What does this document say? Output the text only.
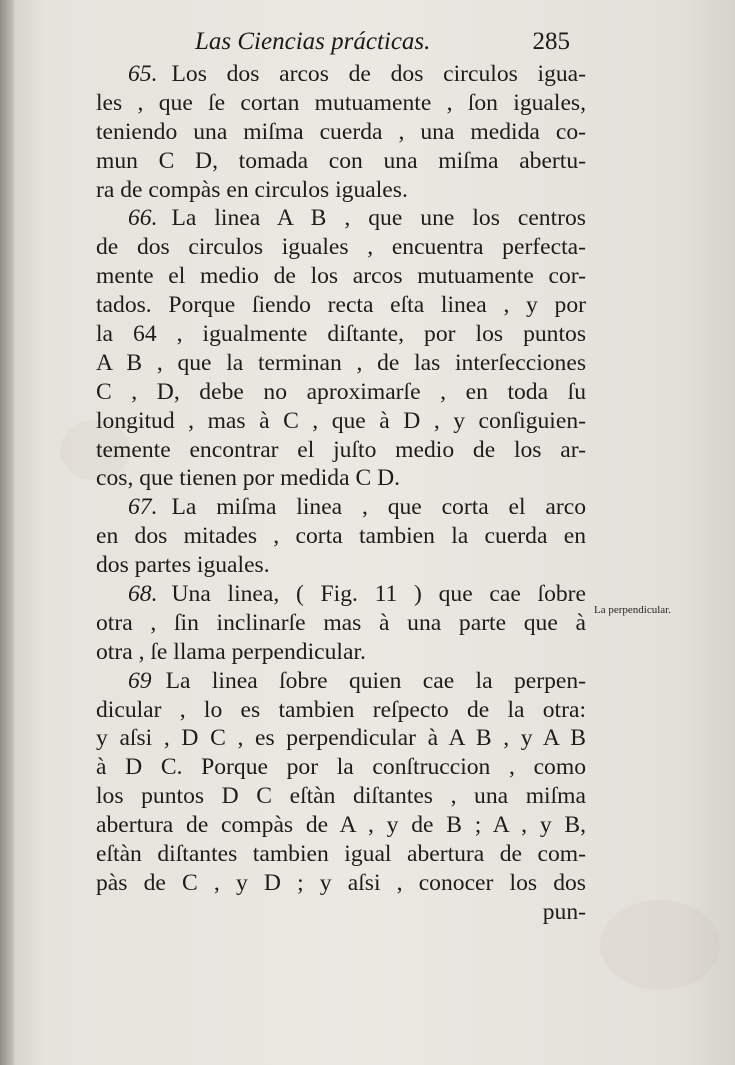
Las Ciencias prácticas.	285
65. Los dos arcos de dos circulos igua-
les , que ſe cortan mutuamente , ſon iguales,
teniendo una miſma cuerda , una medida co-
mun C D, tomada con una miſma abertu-
ra de compàs en circulos iguales.
66. La linea A B , que une los centros
de dos circulos iguales , encuentra perfecta-
mente el medio de los arcos mutuamente cor-
tados. Porque ſiendo recta eſta linea , y por
la 64 , igualmente diſtante, por los puntos
A B , que la terminan , de las interſecciones
C , D, debe no aproximarſe , en toda ſu
longitud , mas à C , que à D , y conſiguien-
temente encontrar el juſto medio de los ar-
cos, que tienen por medida C D.
67. La miſma linea , que corta el arco
en dos mitades , corta tambien la cuerda en
dos partes iguales.
68. Una linea, ( Fig. 11 ) que cae ſobre
otra , ſin inclinarſe mas à una parte que à
otra , ſe llama perpendicular.
69 La linea ſobre quien cae la perpen-
dicular , lo es tambien reſpecto de la otra:
y aſsi , D C , es perpendicular à A B , y A B
à D C. Porque por la conſtruccion , como
los puntos D C eſtàn diſtantes , una miſma
abertura de compàs de A , y de B ; A , y B,
eſtàn diſtantes tambien igual abertura de com-
pàs de C , y D ; y aſsi , conocer los dos
pun-
La perpendicular.
